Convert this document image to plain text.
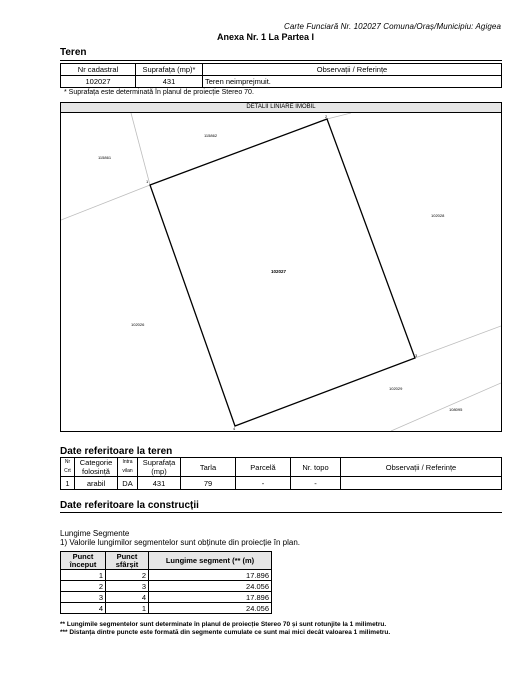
Carte Funciară Nr. 102027 Comuna/Oraș/Municipiu: Agigea
Anexa Nr. 1 La Partea I
Teren
Nr cadastral	Suprafața (mp)*	Observații / Referințe
102027	431	Teren neimprejmuit.
* Suprafața este determinată în planul de proiecție Stereo 70.
DETALII LINIARE IMOBIL
1
2
3
4
102027
115862
115861
102026
102028
102029
108095
Date referitoare la teren
Nr Crt	Categorie folosință	Intra vilan	Suprafața (mp)	Tarla	Parcelă	Nr. topo	Observații / Referințe
1	arabil	DA	431	79	-	-	
Date referitoare la construcții
Lungime Segmente
1) Valorile lungimilor segmentelor sunt obținute din proiecție în plan.
Punct început	Punct sfârșit	Lungime segment (** (m)
1	2	17.896
2	3	24.056
3	4	17.896
4	1	24.056
** Lungimile segmentelor sunt determinate în planul de proiecție Stereo 70 și sunt rotunjite la 1 milimetru.
*** Distanța dintre puncte este formată din segmente cumulate ce sunt mai mici decât valoarea 1 milimetru.
